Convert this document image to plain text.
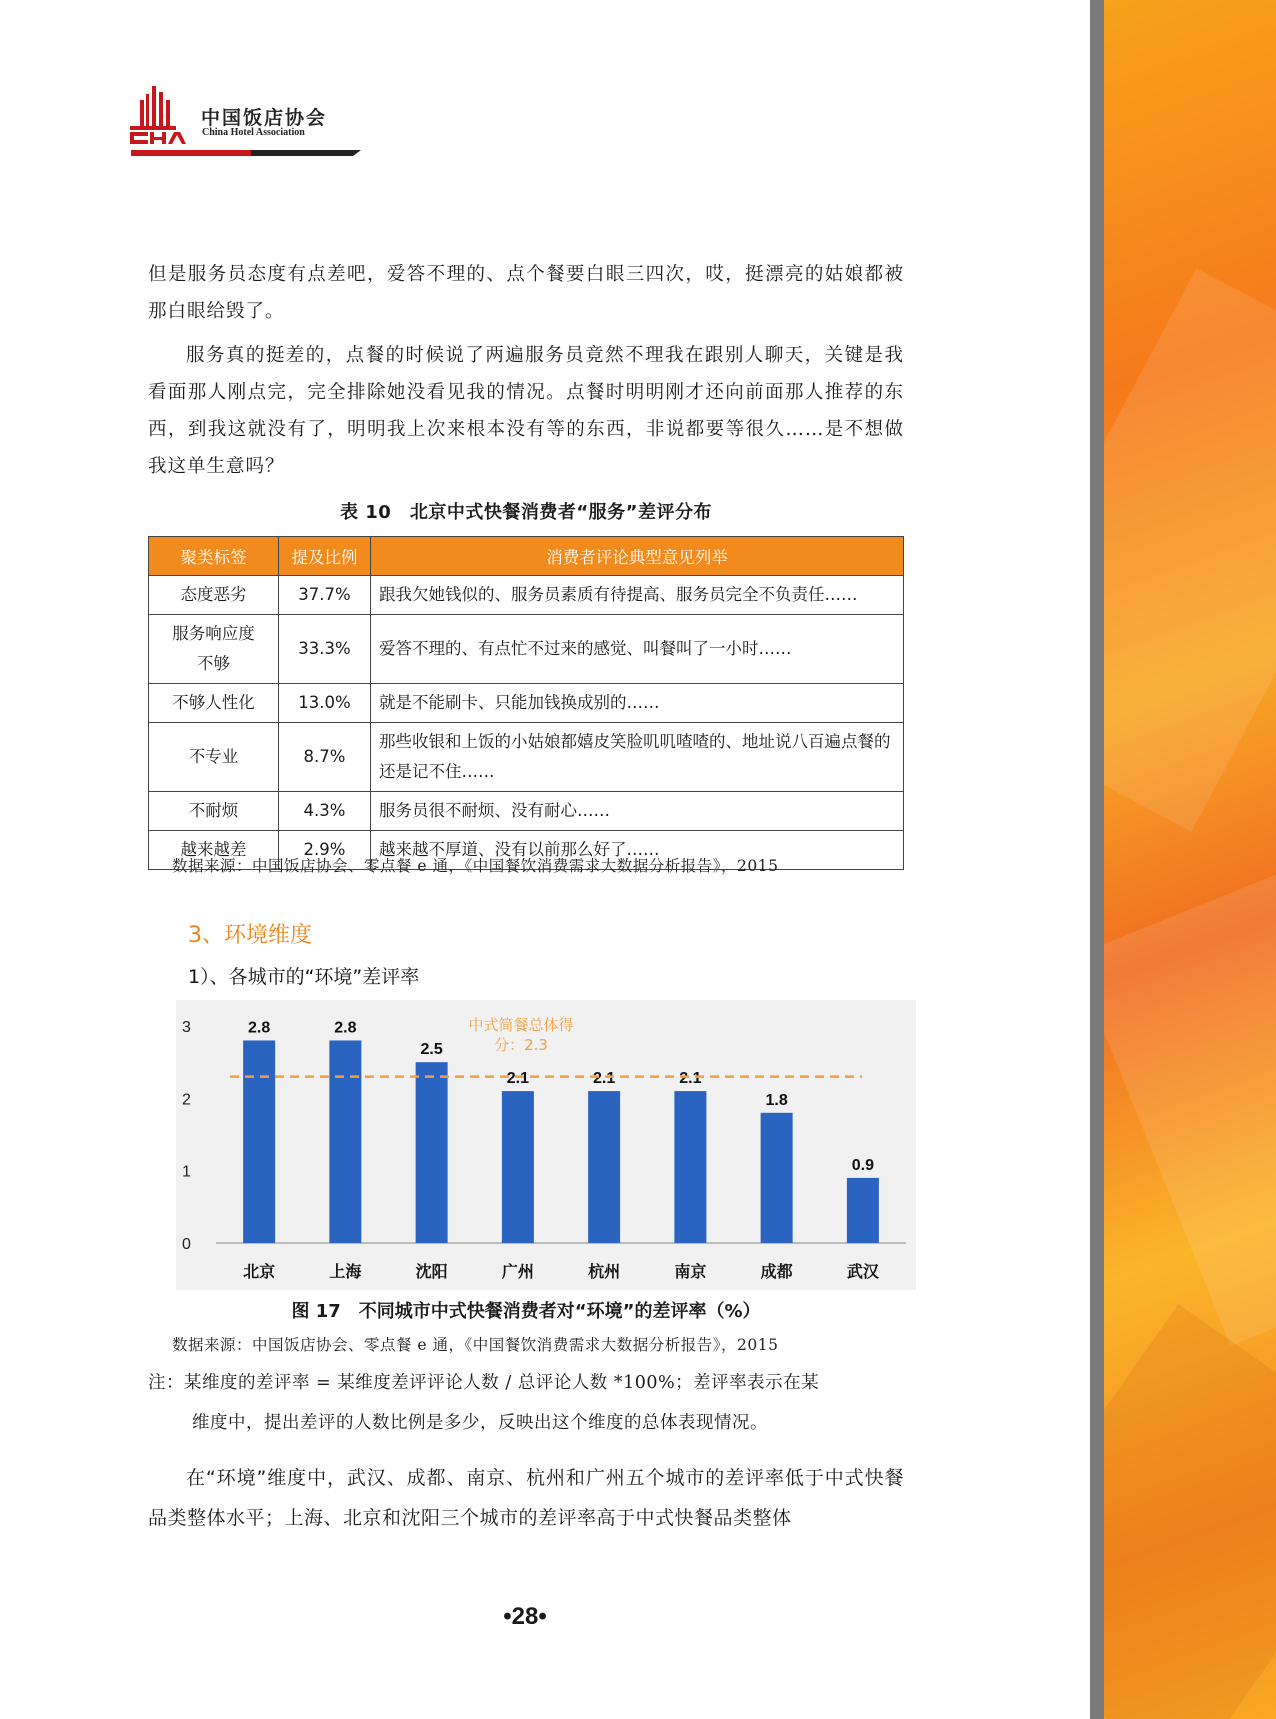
中国饭店协会
China Hotel Association
但是服务员态度有点差吧，爱答不理的、点个餐要白眼三四次，哎，挺漂亮的姑娘都被那白眼给毁了。
服务真的挺差的，点餐的时候说了两遍服务员竟然不理我在跟别人聊天，关键是我看面那人刚点完，完全排除她没看见我的情况。点餐时明明刚才还向前面那人推荐的东西，到我这就没有了，明明我上次来根本没有等的东西，非说都要等很久……是不想做我这单生意吗？
表 10　北京中式快餐消费者“服务”差评分布
聚类标签	提及比例	消费者评论典型意见列举
态度恶劣	37.7%	跟我欠她钱似的、服务员素质有待提高、服务员完全不负责任……
服务响应度不够	33.3%	爱答不理的、有点忙不过来的感觉、叫餐叫了一小时……
不够人性化	13.0%	就是不能刷卡、只能加钱换成别的……
不专业	8.7%	那些收银和上饭的小姑娘都嬉皮笑脸叽叽喳喳的、地址说八百遍点餐的还是记不住……
不耐烦	4.3%	服务员很不耐烦、没有耐心……
越来越差	2.9%	越来越不厚道、没有以前那么好了……
数据来源：中国饭店协会、零点餐 e 通，《中国餐饮消费需求大数据分析报告》，2015
3、环境维度
1）、各城市的“环境”差评率
0
1
2
3	2.8
北京
2.8
上海
2.5
沈阳
2.1
广州
2.1
杭州
2.1
南京
1.8
成都
0.9
武汉
中式简餐总体得
分：2.3
图 17　不同城市中式快餐消费者对“环境”的差评率（%）
数据来源：中国饭店协会、零点餐 e 通，《中国餐饮消费需求大数据分析报告》，2015
注：某维度的差评率 = 某维度差评评论人数 / 总评论人数 *100%；差评率表示在某
维度中，提出差评的人数比例是多少，反映出这个维度的总体表现情况。
在“环境”维度中，武汉、成都、南京、杭州和广州五个城市的差评率低于中式快餐品类整体水平；上海、北京和沈阳三个城市的差评率高于中式快餐品类整体
•28•
